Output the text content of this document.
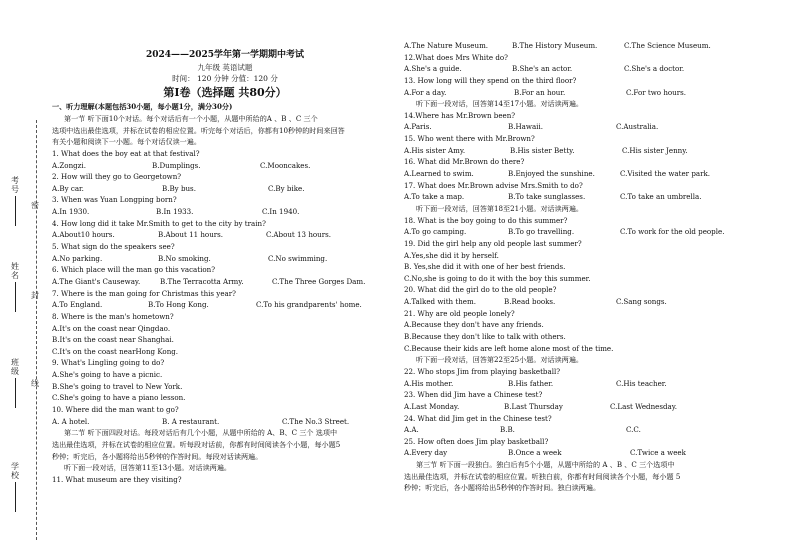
考
号
姓
名
班
级
学
校
密
封
线
2024——2025学年第一学期期中考试
九年级 英语试题
时间： 120 分钟 分值：120 分
第Ⅰ卷（选择题 共80分）
一、听力理解(本题包括30小题，每小题1分，满分30分)
第一节 听下面10个对话。每个对话后有一个小题，从题中所给的A 、B 、C 三个
选项中选出最佳选项，并标在试卷的相应位置。听完每个对话后，你都有10秒钟的时间来回答
有关小题和阅读下一小题。每个对话仅读一遍。
1. What does the boy eat at that festival?
A.Zongzi.	B.Dumplings.	C.Mooncakes.
2. How will they go to Georgetown?
A.By car.	B.By bus.	C.By bike.
3. When was Yuan Longping born?
A.In 1930.	B.In 1933.	C.In 1940.
4. How long did it take Mr.Smith to get to the city by train?
A.About10 hours.	B.About 11 hours.	C.About 13 hours.
5. What sign do the speakers see?
A.No parking.	B.No smoking.	C.No swimming.
6. Which place will the man go this vacation?
A.The Giant's Causeway.	B.The Terracotta Army.	C.The Three Gorges Dam.
7. Where is the man going for Christmas this year?
A.To England.	B.To Hong Kong.	C.To his grandparents' home.
8. Where is the man's hometown?
A.It's on the coast near Qingdao.
B.It's on the coast near Shanghai.
C.It's on the coast nearHong Kong.
9. What's Lingling going to do?
A.She's going to have a picnic.
B.She's going to travel to New York.
C.She's going to have a piano lesson.
10. Where did the man want to go?
A. A hotel.	B. A restaurant.	C.The No.3 Street.
第二节 听下面四段对话。每段对话后有几个小题，从题中所给的 A、B、C 三个 选项中
选出最佳选项，并标在试卷的相应位置。听每段对话前，你都有时间阅读各个小题，每小题5
秒钟；听完后，各小题将给出5秒钟的作答时间。每段对话读两遍。
听下面一段对话，回答第11至13小题。对话读两遍。
11. What museum are they visiting?
A.The Nature Museum.	B.The History Museum.	C.The Science Museum.
12.What does Mrs White do?
A.She's a guide.	B.She's an actor.	C.She's a doctor.
13. How long will they spend on the third floor?
A.For a day.	B.For an hour.	C.For two hours.
听下面一段对话，回答第14至17小题。对话读两遍。
14.Where has Mr.Brown been?
A.Paris.	B.Hawaii.	C.Australia.
15. Who went there with Mr.Brown?
A.His sister Amy.	B.His sister Betty.	C.His sister Jenny.
16. What did Mr.Brown do there?
A.Learned to swim.	B.Enjoyed the sunshine.	C.Visited the water park.
17. What does Mr.Brown advise Mrs.Smith to do?
A.To take a map.	B.To take sunglasses.	C.To take an umbrella.
听下面一段对话，回答第18至21小题。对话读两遍。
18. What is the boy going to do this summer?
A.To go camping.	B.To go travelling.	C.To work for the old people.
19. Did the girl help any old people last summer?
A.Yes,she did it by herself.
B. Yes,she did it with one of her best friends.
C.No,she is going to do it with the boy this summer.
20. What did the girl do to the old people?
A.Talked with them.	B.Read books.	C.Sang songs.
21. Why are old people lonely?
A.Because they don't have any friends.
B.Because they don't like to talk with others.
C.Because their kids are left home alone most of the time.
听下面一段对话，回答第22至25小题。对话读两遍。
22. Who stops Jim from playing basketball?
A.His mother.	B.His father.	C.His teacher.
23. When did Jim have a Chinese test?
A.Last Monday.	B.Last Thursday	C.Last Wednesday.
24. What did Jim get in the Chinese test?
A.A.	B.B.	C.C.
25. How often does Jim play basketball?
A.Every day	B.Once a week	C.Twice a week
第三节 听下面一段独白。独白后有5个小题，从题中所给的 A 、B 、C 三个选项中
选出最佳选项，并标在试卷的相应位置。听独白前，你都有时间阅读各个小题，每小题 5
秒钟；听完后，各小题将给出5秒钟的作答时间。独白读两遍。
